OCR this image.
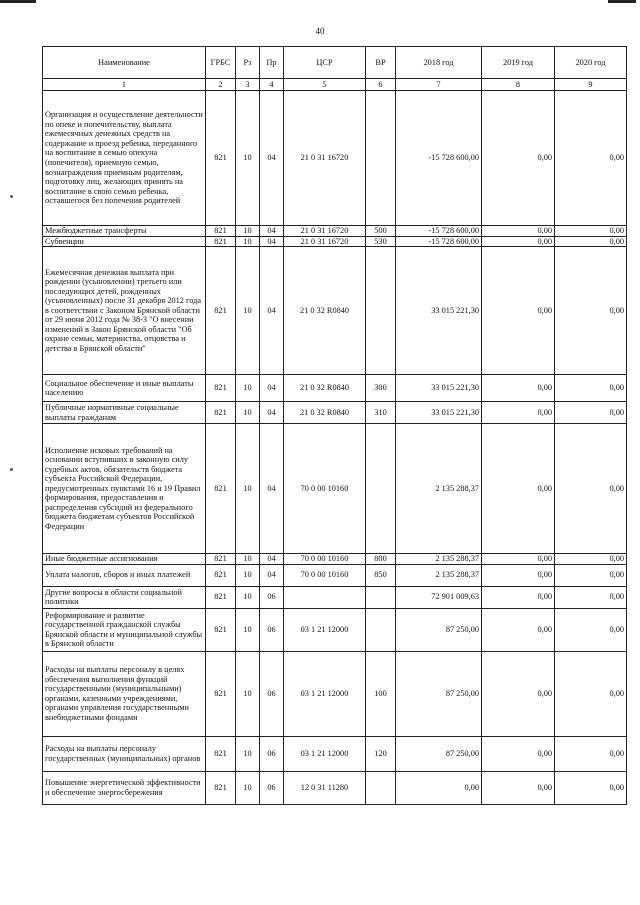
40
Наименование	ГРБС	Рз	Пр	ЦСР	ВР	2018 год	2019 год	2020 год
1	2	3	4	5	6	7	8	9
Организация и осуществление деятельности по опеке и попечительству, выплата ежемесячных денежных средств на содержание и проезд ребенка, переданного на воспитание в семью опекуна (попечителя), приемную семью, вознаграждения приемным родителям, подготовку лиц, желающих принять на воспитание в свою семью ребенка, оставшегося без попечения родителей	821	10	04	21 0 31 16720		-15 728 600,00	0,00	0,00
Межбюджетные трансферты	821	10	04	21 0 31 16720	500	-15 728 600,00	0,00	0,00
Субвенции	821	10	04	21 0 31 16720	530	-15 728 600,00	0,00	0,00
Ежемесячная денежная выплата при рождении (усыновлении) третьего или последующих детей, рожденных (усыновленных) после 31 декабря 2012 года в соответствии с Законом Брянской области от 29 июня 2012 года № 38-З "О внесении изменений в Закон Брянской области "Об охране семьи, материнства, отцовства и детства в Брянской области"	821	10	04	21 0 32 R0840		33 015 221,30	0,00	0,00
Социальное обеспечение и иные выплаты населению	821	10	04	21 0 32 R0840	300	33 015 221,30	0,00	0,00
Публичные нормативные социальные выплаты гражданам	821	10	04	21 0 32 R0840	310	33 015 221,30	0,00	0,00
Исполнение исковых требований на основании вступивших в законную силу судебных актов, обязательств бюджета субъекта Российской Федерации, предусмотренных пунктами 16 и 19 Правил формирования, предоставления и распределения субсидий из федерального бюджета бюджетам субъектов Российской Федерации	821	10	04	70 0 00 10160		2 135 288,37	0,00	0,00
Иные бюджетные ассигнования	821	10	04	70 0 00 10160	800	2 135 288,37	0,00	0,00
Уплата налогов, сборов и иных платежей	821	10	04	70 0 00 10160	850	2 135 288,37	0,00	0,00
Другие вопросы в области социальной политики	821	10	06			72 901 009,63	0,00	0,00
Реформирование и развитие государственной гражданской службы Брянской области и муниципальной службы в Брянской области	821	10	06	03 1 21 12000		87 250,00	0,00	0,00
Расходы на выплаты персоналу в целях обеспечения выполнения функций государственными (муниципальными) органами, казенными учреждениями, органами управления государственными внебюджетными фондами	821	10	06	03 1 21 12000	100	87 250,00	0,00	0,00
Расходы на выплаты персоналу государственных (муниципальных) органов	821	10	06	03 1 21 12000	120	87 250,00	0,00	0,00
Повышение энергетической эффективности и обеспечение энергосбережения	821	10	06	12 0 31 11280		0,00	0,00	0,00
